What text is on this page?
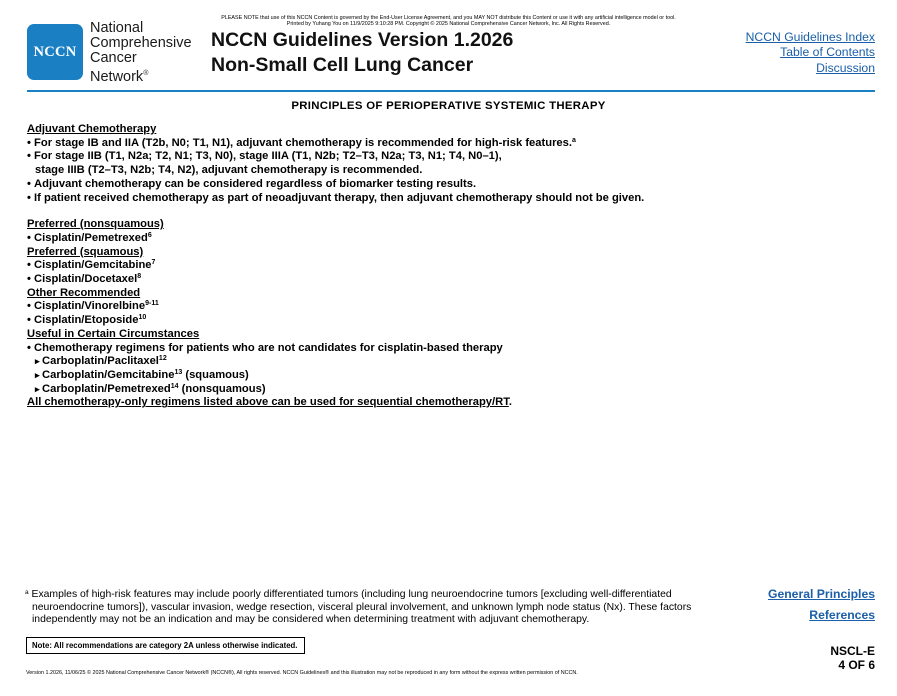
PLEASE NOTE that use of this NCCN Content is governed by the End-User License Agreement, and you MAY NOT distribute this Content or use it with any artificial intelligence model or tool.
Printed by Yuhang You on 11/9/2025 9:10:28 PM. Copyright © 2025 National Comprehensive Cancer Network, Inc. All Rights Reserved.
NCCN
National
Comprehensive
Cancer
Network®
NCCN Guidelines Version 1.2026
Non-Small Cell Lung Cancer
NCCN Guidelines Index
Table of Contents
Discussion
PRINCIPLES OF PERIOPERATIVE SYSTEMIC THERAPY
Adjuvant Chemotherapy
• For stage IB and IIA (T2b, N0; T1, N1), adjuvant chemotherapy is recommended for high-risk features.$^a$
• For stage IIB (T1, N2a; T2, N1; T3, N0), stage IIIA (T1, N2b; T2–T3, N2a; T3, N1; T4, N0–1),
stage IIIB (T2–T3, N2b; T4, N2), adjuvant chemotherapy is recommended.
• Adjuvant chemotherapy can be considered regardless of biomarker testing results.
• If patient received chemotherapy as part of neoadjuvant therapy, then adjuvant chemotherapy should not be given.
Preferred (nonsquamous)
• Cisplatin/Pemetrexed$^6$
Preferred (squamous)
• Cisplatin/Gemcitabine$^7$
• Cisplatin/Docetaxel$^8$
Other Recommended
• Cisplatin/Vinorelbine$^{9-11}$
• Cisplatin/Etoposide$^{10}$
Useful in Certain Circumstances
• Chemotherapy regimens for patients who are not candidates for cisplatin-based therapy
▸ Carboplatin/Paclitaxel$^{12}$
▸ Carboplatin/Gemcitabine$^{13}$ (squamous)
▸ Carboplatin/Pemetrexed$^{14}$ (nonsquamous)
All chemotherapy-only regimens listed above can be used for sequential chemotherapy/RT.
$^a$ Examples of high-risk features may include poorly differentiated tumors (including lung neuroendocrine tumors [excluding well-differentiated
neuroendocrine tumors]), vascular invasion, wedge resection, visceral pleural involvement, and unknown lymph node status (Nx). These factors
independently may not be an indication and may be considered when determining treatment with adjuvant chemotherapy.
General Principles
References
Note: All recommendations are category 2A unless otherwise indicated.	NSCL-E
4 OF 6
Version 1.2026, 11/06/25 © 2025 National Comprehensive Cancer Network® (NCCN®), All rights reserved. NCCN Guidelines® and this illustration may not be reproduced in any form without the express written permission of NCCN.
